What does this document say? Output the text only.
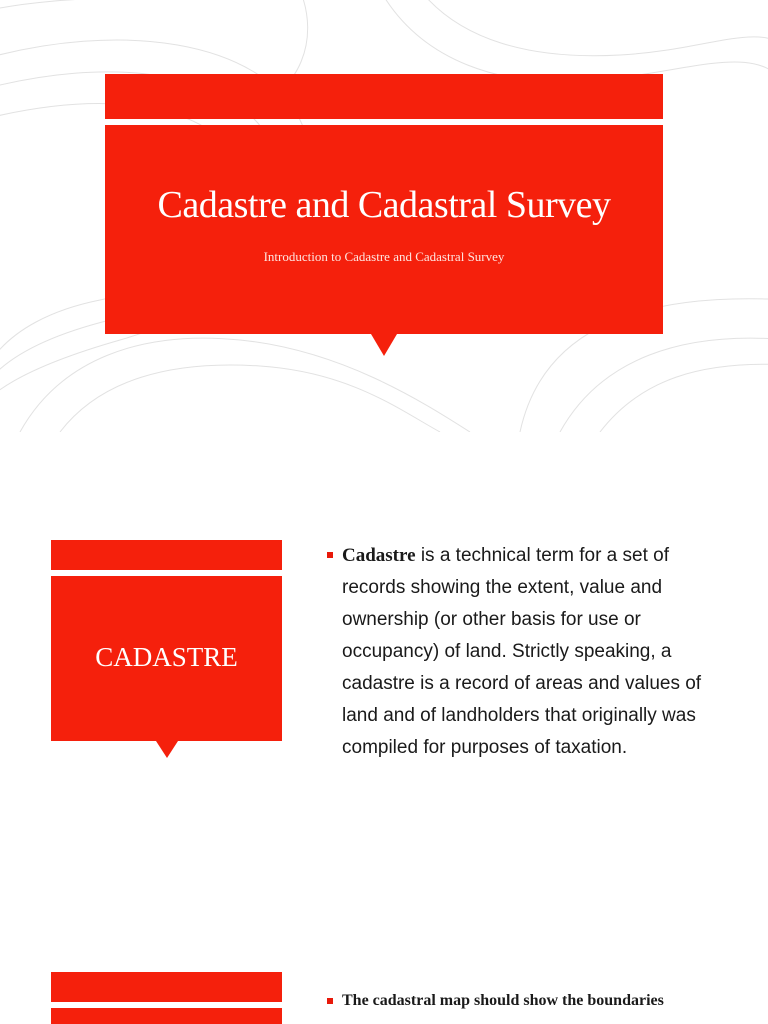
Cadastre and Cadastral Survey
Introduction to Cadastre and Cadastral Survey
CADASTRE
Cadastre is a technical term for a set of records showing the extent, value and ownership (or other basis for use or occupancy) of land. Strictly speaking, a cadastre is a record of areas and values of land and of landholders that originally was compiled for purposes of taxation.
The cadastral map should show the boundaries
